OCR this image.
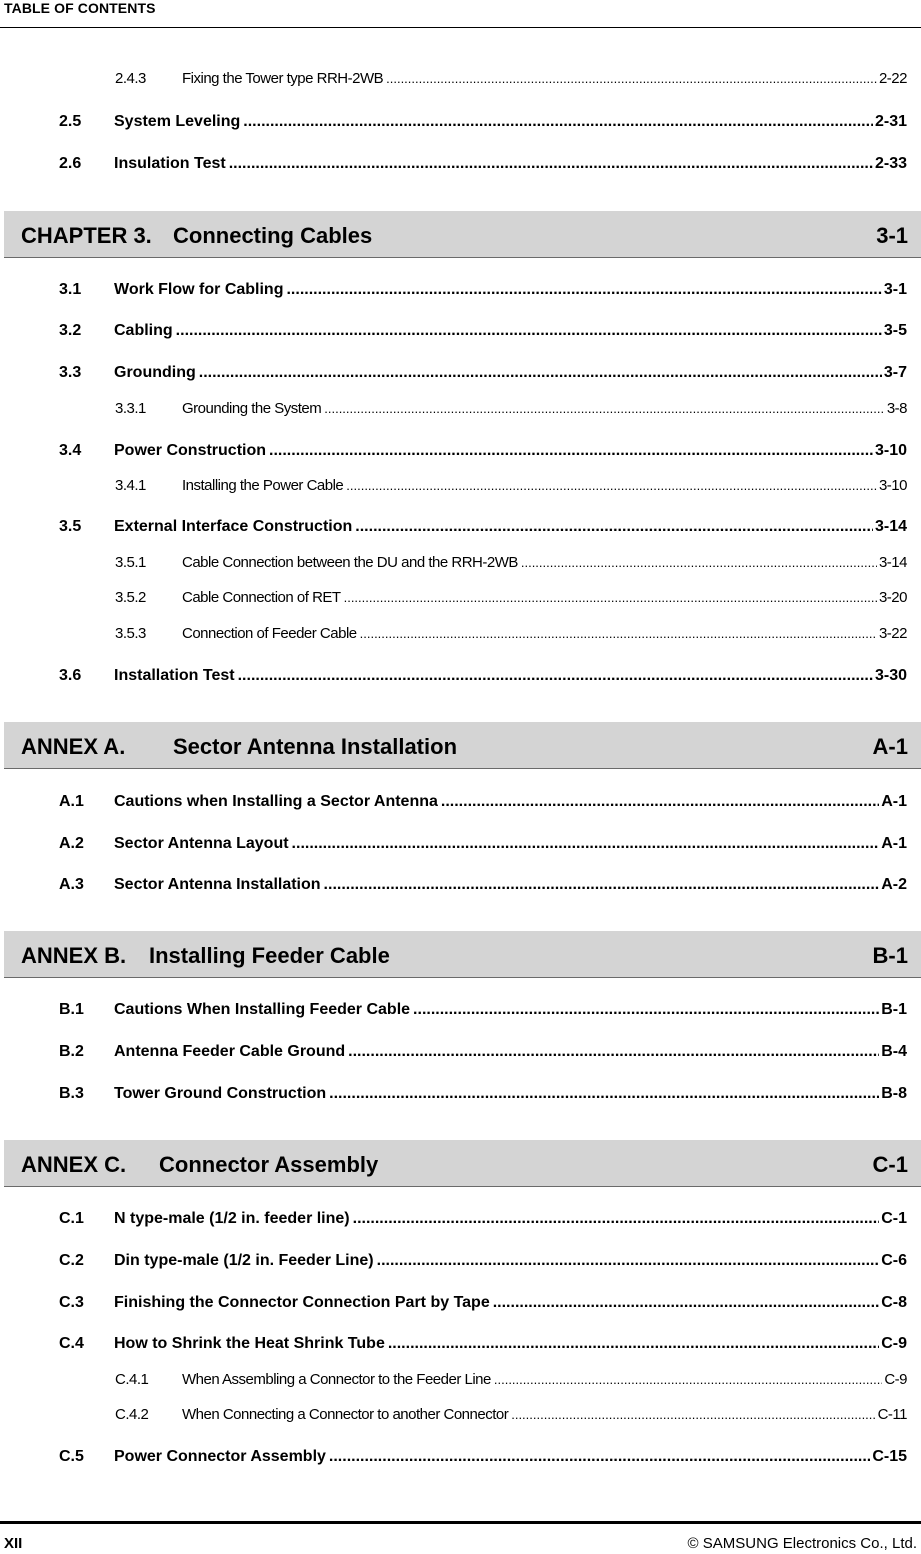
TABLE OF CONTENTS
2.4.3 Fixing the Tower type RRH-2WB .....	2-22
2.5 System Leveling .....	2-31
2.6 Insulation Test .....	2-33
CHAPTER 3. Connecting Cables	3-1
3.1 Work Flow for Cabling .....	3-1
3.2 Cabling .....	3-5
3.3 Grounding .....	3-7
3.3.1 Grounding the System .....	3-8
3.4 Power Construction .....	3-10
3.4.1 Installing the Power Cable .....	3-10
3.5 External Interface Construction .....	3-14
3.5.1 Cable Connection between the DU and the RRH-2WB .....	3-14
3.5.2 Cable Connection of RET .....	3-20
3.5.3 Connection of Feeder Cable .....	3-22
3.6 Installation Test .....	3-30
ANNEX A. Sector Antenna Installation	A-1
A.1 Cautions when Installing a Sector Antenna .....	A-1
A.2 Sector Antenna Layout .....	A-1
A.3 Sector Antenna Installation .....	A-2
ANNEX B. Installing Feeder Cable	B-1
B.1 Cautions When Installing Feeder Cable .....	B-1
B.2 Antenna Feeder Cable Ground .....	B-4
B.3 Tower Ground Construction .....	B-8
ANNEX C. Connector Assembly	C-1
C.1 N type-male (1/2 in. feeder line) .....	C-1
C.2 Din type-male (1/2 in. Feeder Line) .....	C-6
C.3 Finishing the Connector Connection Part by Tape .....	C-8
C.4 How to Shrink the Heat Shrink Tube .....	C-9
C.4.1 When Assembling a Connector to the Feeder Line .....	C-9
C.4.2 When Connecting a Connector to another Connector .....	C-11
C.5 Power Connector Assembly .....	C-15
XII	© SAMSUNG Electronics Co., Ltd.
